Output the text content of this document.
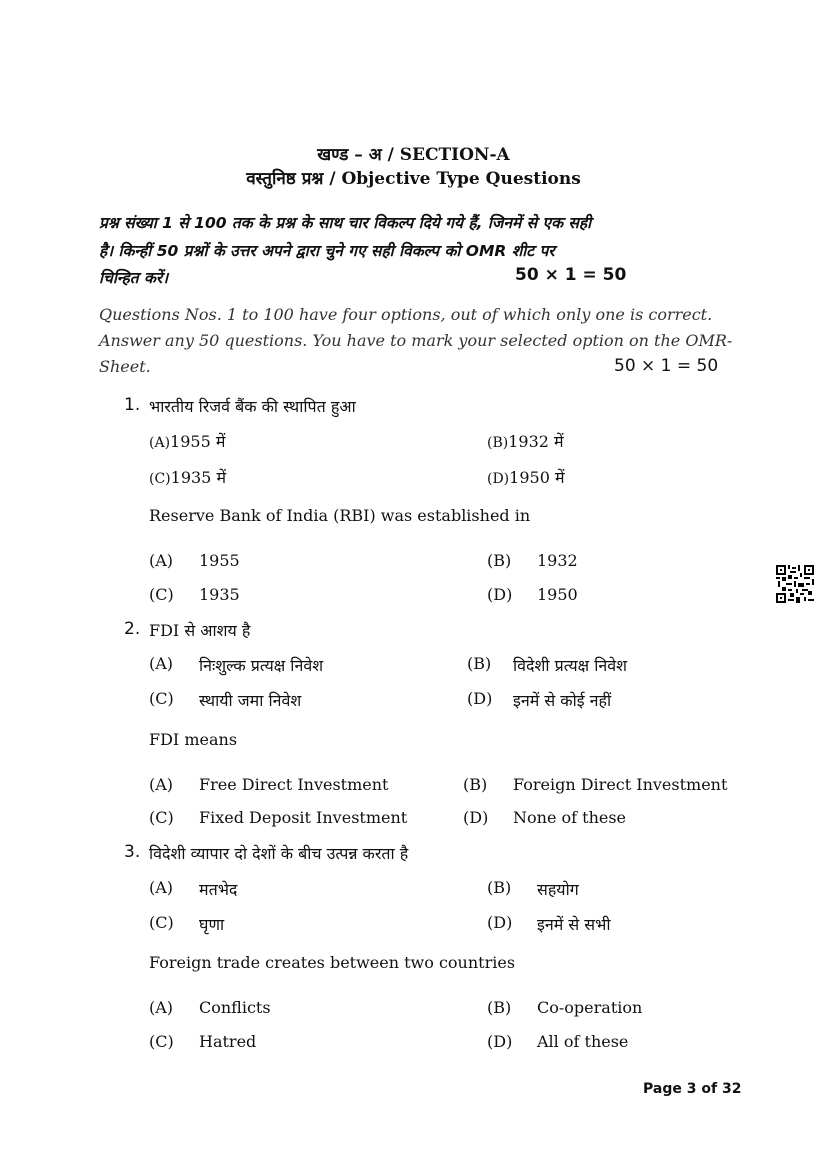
खण्ड – अ / SECTION-A
वस्तुनिष्ठ प्रश्न / Objective Type Questions
प्रश्न संख्या 1 से 100 तक के प्रश्न के साथ चार विकल्प दिये गये हैं, जिनमें से एक सही
है। किन्हीं 50 प्रश्नों के उत्तर अपने द्वारा चुने गए सही विकल्प को OMR शीट पर
चिन्हित करें।	50 × 1 = 50
Questions Nos. 1 to 100 have four options, out of which only one is correct.
Answer any 50 questions. You have to mark your selected option on the OMR-
Sheet.	50 × 1 = 50
1. भारतीय रिजर्व बैंक की स्थापित हुआ
(A)1955 में	(B)1932 में
(C)1935 में	(D)1950 में
Reserve Bank of India (RBI) was established in
(A) 1955	(B) 1932
(C) 1935	(D) 1950
2. FDI से आशय है
(A) निःशुल्क प्रत्यक्ष निवेश	(B) विदेशी प्रत्यक्ष निवेश
(C) स्थायी जमा निवेश	(D) इनमें से कोई नहीं
FDI means
(A) Free Direct Investment	(B) Foreign Direct Investment
(C) Fixed Deposit Investment	(D) None of these
3. विदेशी व्यापार दो देशों के बीच उत्पन्न करता है
(A) मतभेद	(B) सहयोग
(C) घृणा	(D) इनमें से सभी
Foreign trade creates between two countries
(A) Conflicts	(B) Co-operation
(C) Hatred	(D) All of these
Page 3 of 32
